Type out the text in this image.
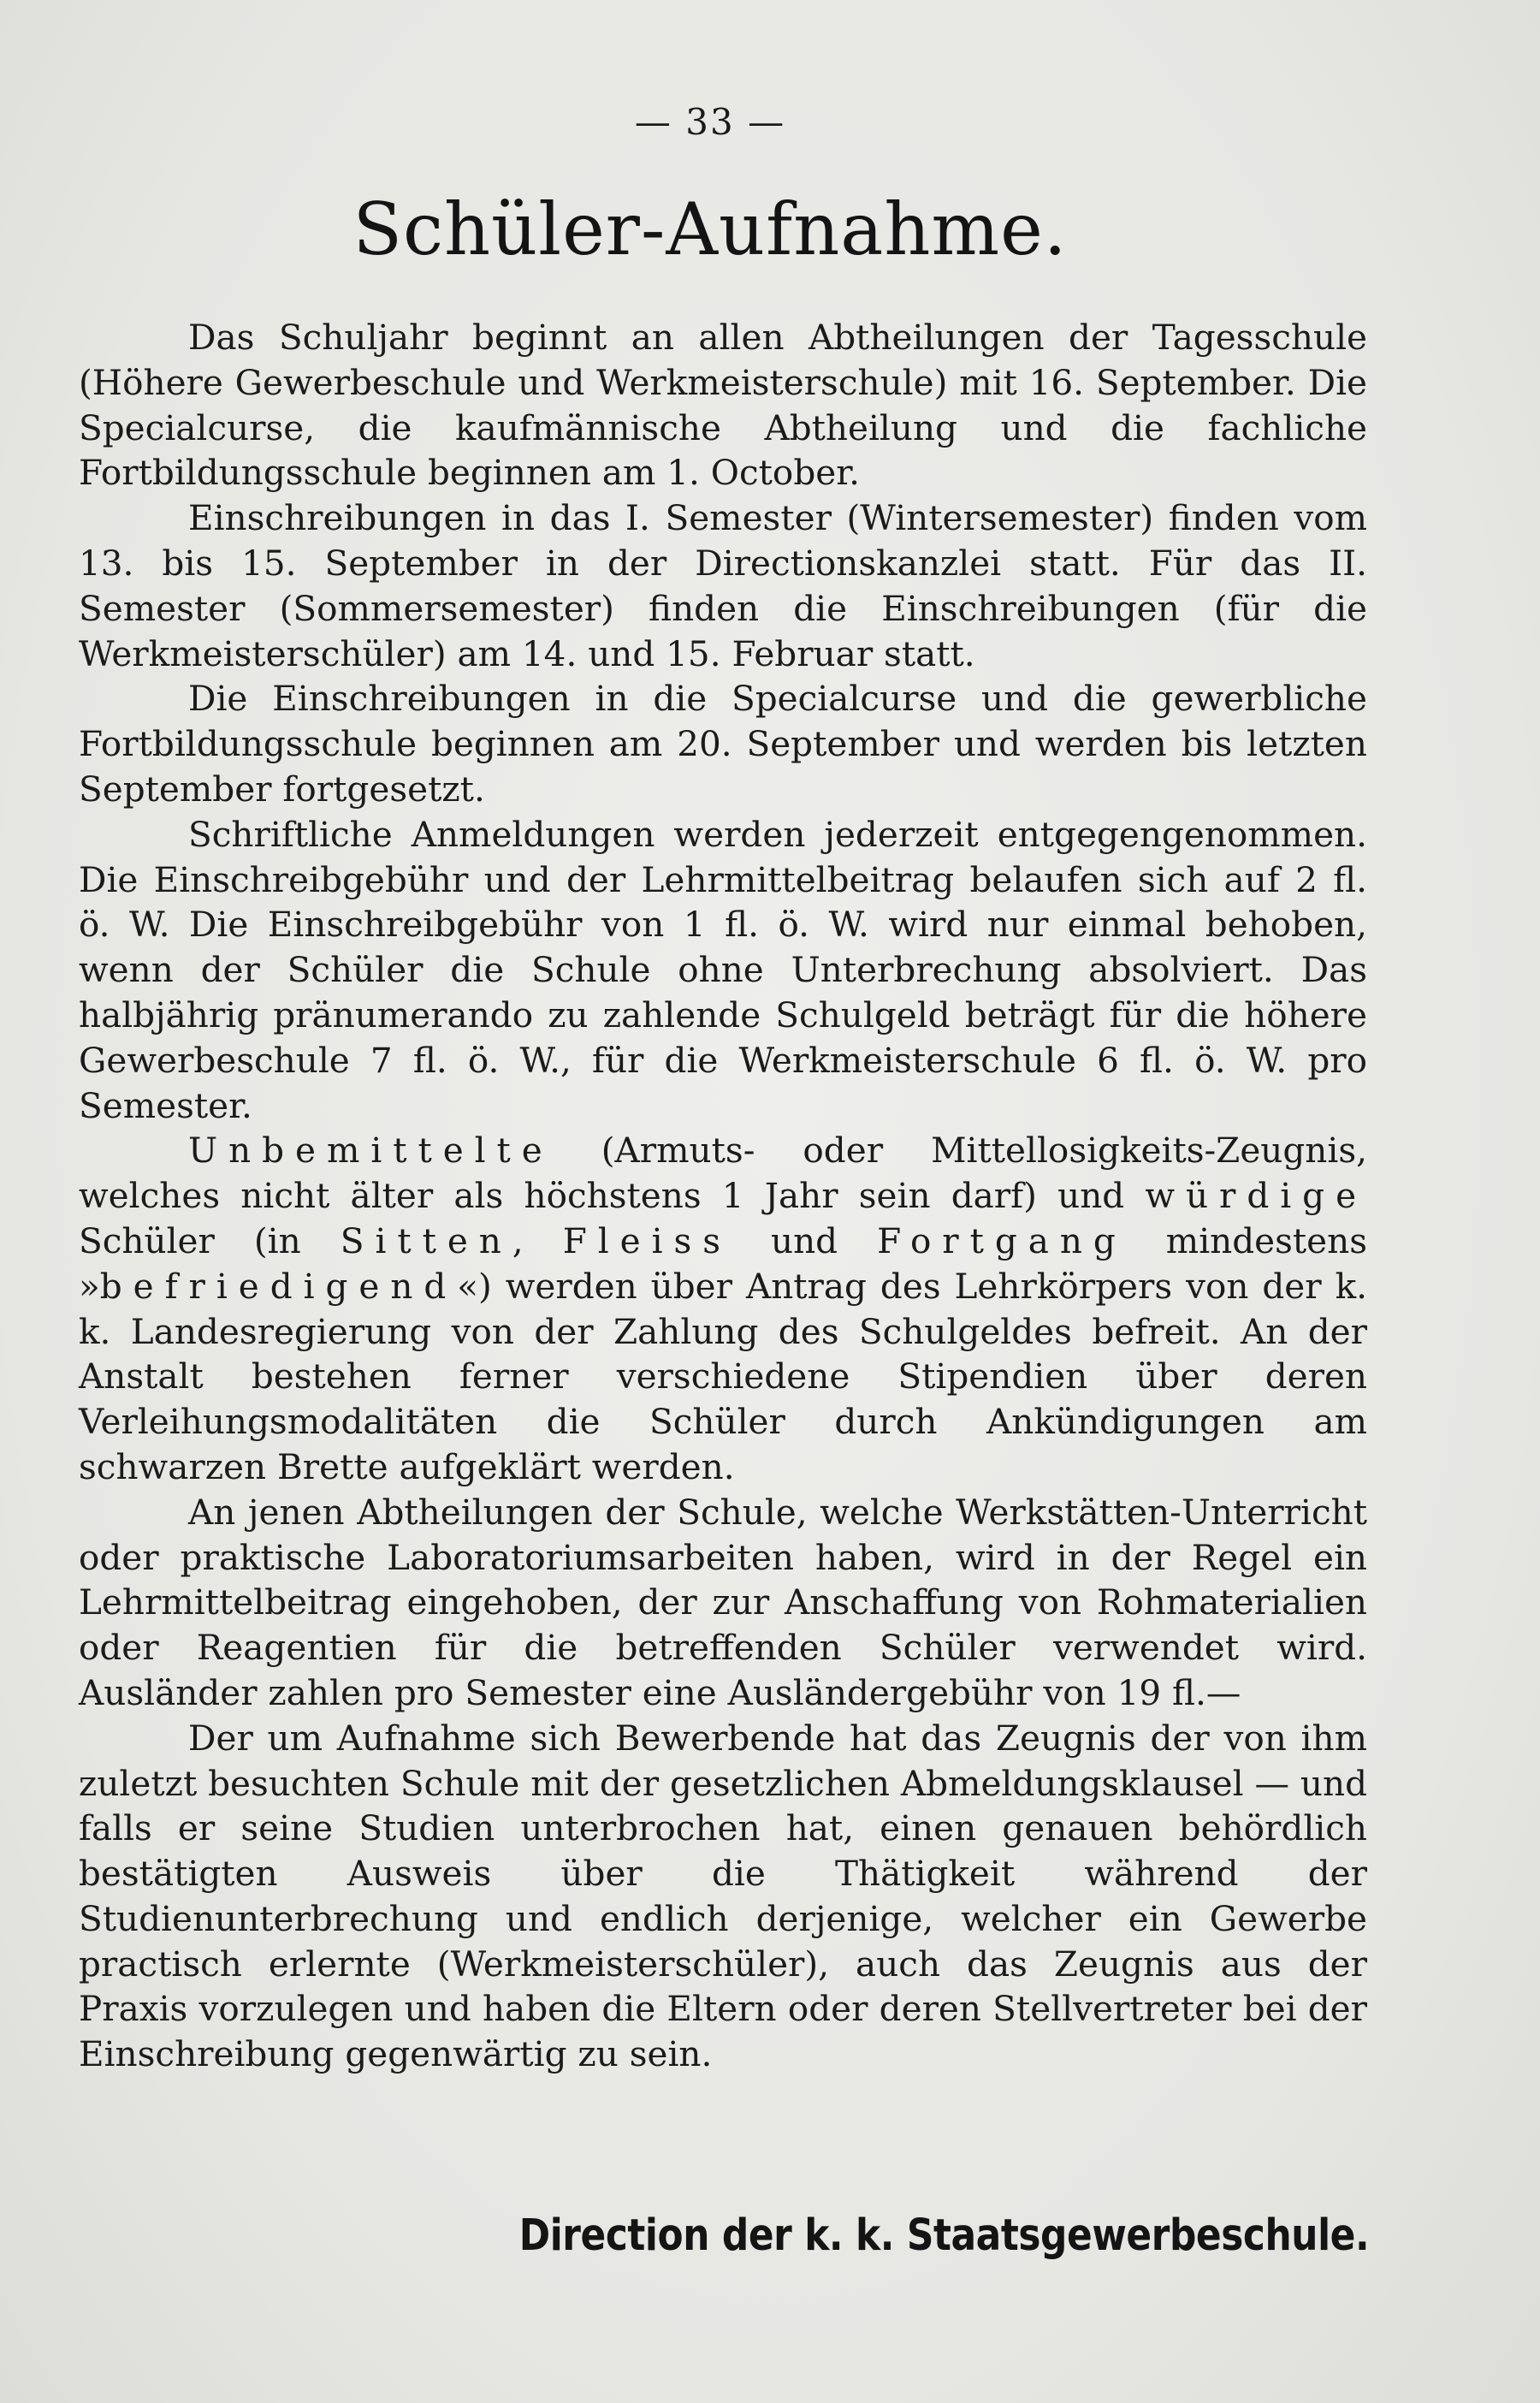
— 33 —
Schüler-Aufnahme.

Das Schuljahr beginnt an allen Abtheilungen der Tagesschule (Höhere Gewerbeschule und Werkmeisterschule) mit 16. September. Die Specialcurse, die kaufmännische Abtheilung und die fachliche Fortbildungsschule beginnen am 1. October.

Einschreibungen in das I. Semester (Wintersemester) finden vom 13. bis 15. September in der Directionskanzlei statt. Für das II. Semester (Sommersemester) finden die Einschreibungen (für die Werkmeisterschüler) am 14. und 15. Februar statt.

Die Einschreibungen in die Specialcurse und die gewerbliche Fortbildungsschule beginnen am 20. September und werden bis letzten September fortgesetzt.

Schriftliche Anmeldungen werden jederzeit entgegengenommen. Die Einschreibgebühr und der Lehrmittelbeitrag belaufen sich auf 2 fl. ö. W. Die Einschreibgebühr von 1 fl. ö. W. wird nur einmal behoben, wenn der Schüler die Schule ohne Unterbrechung absolviert. Das halbjährig pränumerando zu zahlende Schulgeld beträgt für die höhere Gewerbeschule 7 fl. ö. W., für die Werkmeisterschule 6 fl. ö. W. pro Semester.

Unbemittelte (Armuts- oder Mittellosigkeits-Zeugnis, welches nicht älter als höchstens 1 Jahr sein darf) und würdige Schüler (in Sitten, Fleiss und Fortgang mindestens »befriedigend«) werden über Antrag des Lehrkörpers von der k. k. Landesregierung von der Zahlung des Schulgeldes befreit. An der Anstalt bestehen ferner verschiedene Stipendien über deren Verleihungsmodalitäten die Schüler durch Ankündigungen am schwarzen Brette aufgeklärt werden.

An jenen Abtheilungen der Schule, welche Werkstätten-Unterricht oder praktische Laboratoriumsarbeiten haben, wird in der Regel ein Lehrmittelbeitrag eingehoben, der zur Anschaffung von Rohmaterialien oder Reagentien für die betreffenden Schüler verwendet wird. Ausländer zahlen pro Semester eine Ausländergebühr von 19 fl.—

Der um Aufnahme sich Bewerbende hat das Zeugnis der von ihm zuletzt besuchten Schule mit der gesetzlichen Abmeldungsklausel — und falls er seine Studien unterbrochen hat, einen genauen behördlich bestätigten Ausweis über die Thätigkeit während der Studienunterbrechung und endlich derjenige, welcher ein Gewerbe practisch erlernte (Werkmeisterschüler), auch das Zeugnis aus der Praxis vorzulegen und haben die Eltern oder deren Stellvertreter bei der Einschreibung gegenwärtig zu sein.

Direction der k. k. Staatsgewerbeschule.
